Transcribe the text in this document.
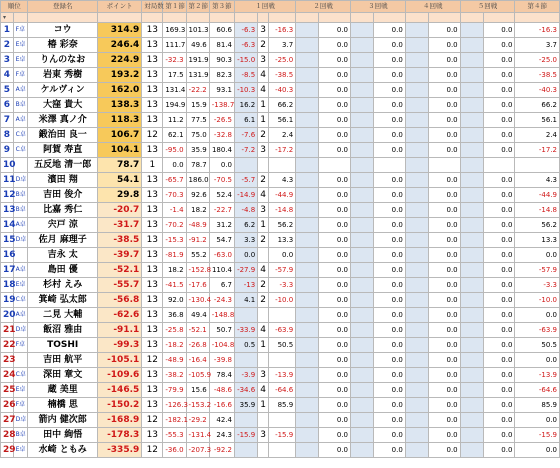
順位		登録名	ポイント	対局数	第１節	第２節	第３節	１回戦			２回戦		３回戦		４回戦		５回戦		第４節
▾																			
1	F卓	コウ	314.9	13	169.3	101.3	60.6	-6.3	3	-16.3		0.0		0.0		0.0		0.0	-16.3
2	E卓	椿 彩奈	246.4	13	111.7	49.6	81.4	-6.3	2	3.7		0.0		0.0		0.0		0.0	3.7
3	E卓	りんのなお	224.9	13	-32.3	191.9	90.3	-15.0	3	-25.0		0.0		0.0		0.0		0.0	-25.0
4	F卓	岩東 秀樹	193.2	13	17.5	131.9	82.3	-8.5	4	-38.5		0.0		0.0		0.0		0.0	-38.5
5	A卓	ケルヴィン	162.0	13	131.4	-22.2	93.1	-10.3	4	-40.3		0.0		0.0		0.0		0.0	-40.3
6	B卓	大窪 貴大	138.3	13	194.9	15.9	-138.7	16.2	1	66.2		0.0		0.0		0.0		0.0	66.2
7	A卓	米澤 真ノ介	118.3	13	11.2	77.5	-26.5	6.1	1	56.1		0.0		0.0		0.0		0.0	56.1
8	C卓	鍛治田 良一	106.7	12	62.1	75.0	-32.8	-7.6	2	2.4		0.0		0.0		0.0		0.0	2.4
9	C卓	阿賀 寿直	104.1	13	-95.0	35.9	180.4	-7.2	3	-17.2		0.0		0.0		0.0		0.0	-17.2
10		五反地 清一郎	78.7	1	0.0	78.7	0.0												
11	D卓	濱田 翔	54.1	13	-65.7	186.0	-70.5	-5.7	2	4.3		0.0		0.0		0.0		0.0	4.3
12	B卓	吉田 俊介	29.8	13	-70.3	92.6	52.4	-14.9	4	-44.9		0.0		0.0		0.0		0.0	-44.9
13	B卓	比嘉 秀仁	-20.7	13	-1.4	18.2	-22.7	-4.8	3	-14.8		0.0		0.0		0.0		0.0	-14.8
14	A卓	宍戸 涼	-31.7	13	-70.2	-48.9	31.2	6.2	1	56.2		0.0		0.0		0.0		0.0	56.2
15	D卓	佐月 麻理子	-38.5	13	-15.3	-91.2	54.7	3.3	2	13.3		0.0		0.0		0.0		0.0	13.3
16		吉永 太	-39.7	13	-81.9	55.2	-63.0	0.0		0.0		0.0		0.0		0.0		0.0	0.0
17	A卓	島田 優	-52.1	13	18.2	-152.8	110.4	-27.9	4	-57.9		0.0		0.0		0.0		0.0	-57.9
18	E卓	杉村 えみ	-55.7	13	-41.5	-17.6	6.7	-13	2	-3.3		0.0		0.0		0.0		0.0	-3.3
19	C卓	箕崎 弘太郎	-56.8	13	92.0	-130.4	-24.3	4.1	2	-10.0		0.0		0.0		0.0		0.0	-10.0
20	A卓	二見 大輔	-62.6	13	36.8	49.4	-148.8					0.0		0.0		0.0		0.0	0.0
21	D卓	飯沼 雅由	-91.1	13	-25.8	-52.1	50.7	-33.9	4	-63.9		0.0		0.0		0.0		0.0	-63.9
22	F卓	TOSHI	-99.3	13	-18.2	-26.8	-104.8	0.5	1	50.5		0.0		0.0		0.0		0.0	50.5
23		吉田 航平	-105.1	12	-48.9	-16.4	-39.8					0.0		0.0		0.0		0.0	0.0
24	C卓	深田 章文	-109.6	13	-38.2	-105.9	78.4	-3.9	3	-13.9		0.0		0.0		0.0		0.0	-13.9
25	E卓	蔵 美里	-146.5	13	-79.9	15.6	-48.6	-34.6	4	-64.6		0.0		0.0		0.0		0.0	-64.6
26	F卓	楠橋 思	-150.2	13	-126.3	-153.2	-16.6	35.9	1	85.9		0.0		0.0		0.0		0.0	85.9
27	D卓	箭内 健次郎	-168.9	12	-182.1	-29.2	42.4					0.0		0.0		0.0		0.0	0.0
28	B卓	田中 絢悟	-178.3	13	-55.3	-131.4	24.3	-15.9	3	-15.9		0.0		0.0		0.0		0.0	-15.9
29	E卓	水崎 ともみ	-335.9	12	-36.0	-207.3	-92.2					0.0		0.0		0.0		0.0	0.0
